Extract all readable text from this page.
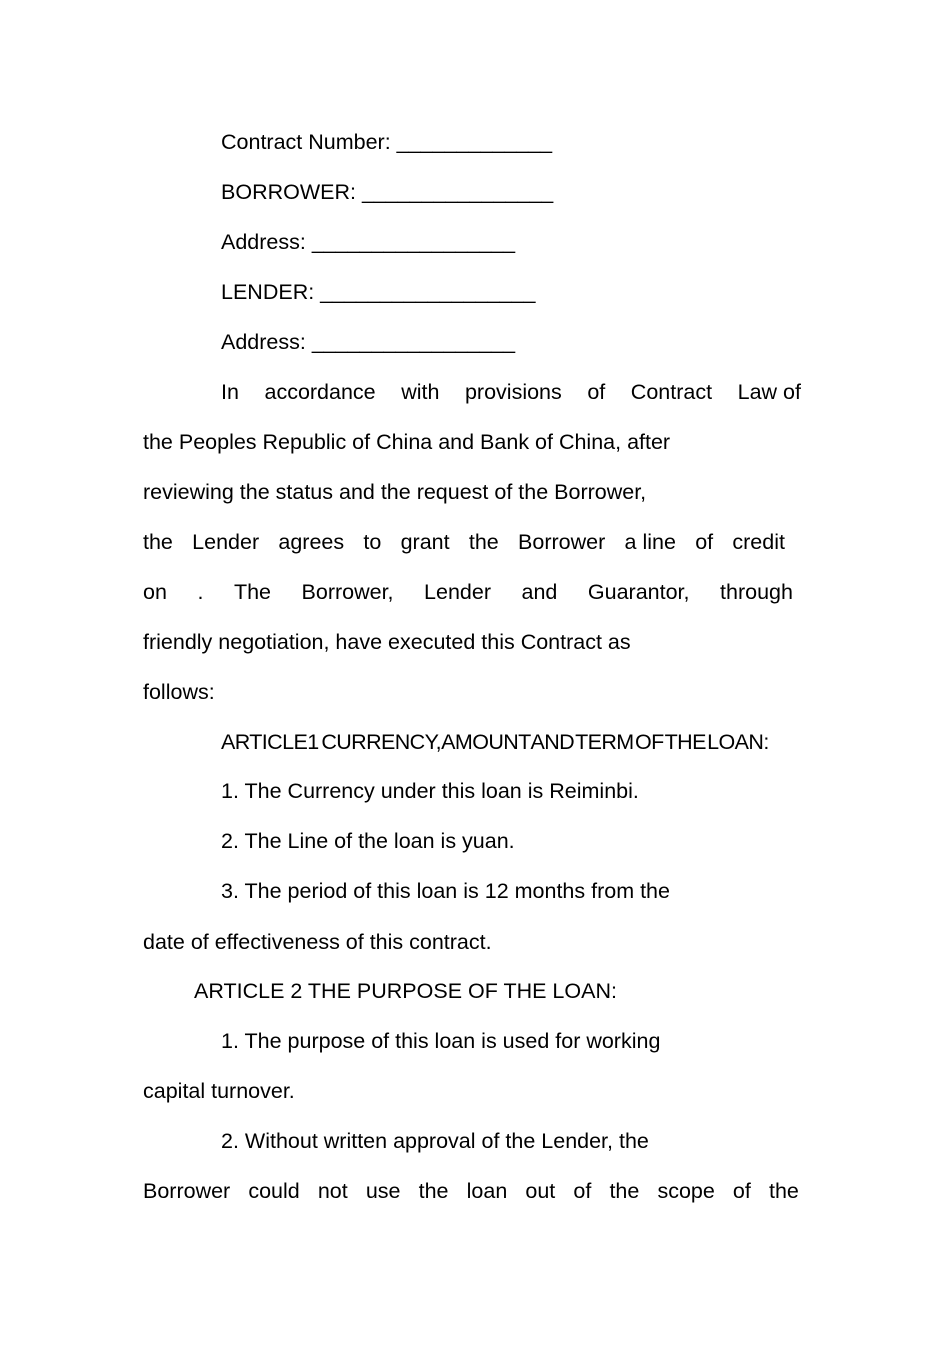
Contract Number: _____________

BORROWER: ________________

Address: _________________

LENDER: __________________

Address: _________________

In accordance with provisions of Contract Law of

the Peoples Republic of China and Bank of China, after

reviewing the status and the request of the Borrower,

the Lender agrees to grant the Borrower a line of credit
on . The Borrower, Lender and Guarantor, through

friendly negotiation, have executed this Contract as

follows:

ARTICLE1  CURRENCY, AMOUNT AND TERM OF THE LOAN:

1. The Currency under this loan is Reiminbi.

2. The Line of the loan is yuan.

3. The period of this loan is 12 months from the

date of effectiveness of this contract.

ARTICLE 2 THE PURPOSE OF THE LOAN:

1. The purpose of this loan is used for working

capital turnover.

2. Without written approval of the Lender, the

Borrower could not use the loan out of the scope of the
